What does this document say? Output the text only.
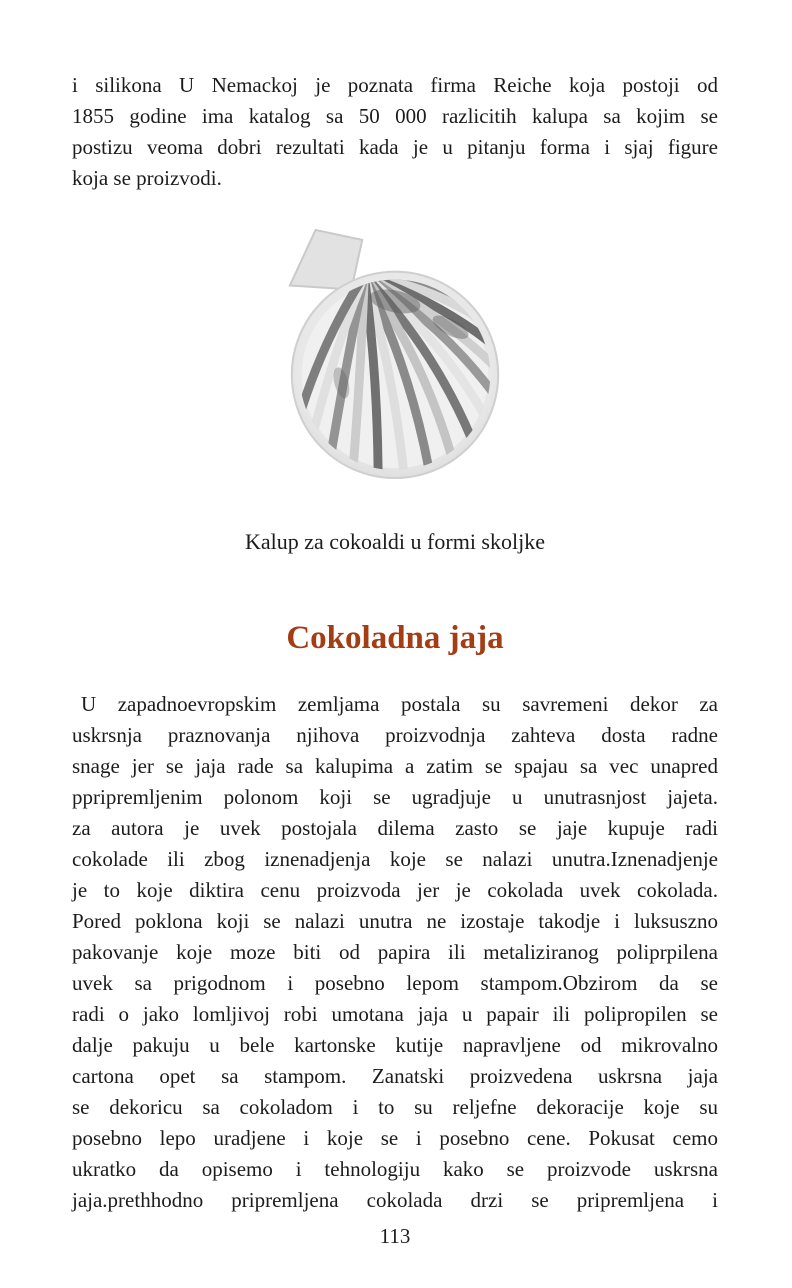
i silikona U Nemackoj je poznata firma Reiche koja postoji od
1855 godine ima katalog sa 50 000 razlicitih kalupa sa kojim se
postizu veoma dobri rezultati kada je u pitanju forma i sjaj figure
koja se proizvodi.
Kalup za cokoaldi u formi skoljke
Cokoladna jaja
U zapadnoevropskim zemljama postala su savremeni dekor za
uskrsnja praznovanja njihova proizvodnja zahteva dosta radne
snage jer se jaja rade sa kalupima a zatim se spajau sa vec unapred
ppripremljenim polonom koji se ugradjuje u unutrasnjost jajeta.
za autora je uvek postojala dilema zasto se jaje kupuje radi
cokolade ili zbog iznenadjenja koje se nalazi unutra.Iznenadjenje
je to koje diktira cenu proizvoda jer je cokolada uvek cokolada.
Pored poklona koji se nalazi unutra ne izostaje takodje i luksuszno
pakovanje koje moze biti od papira ili metaliziranog poliprpilena
uvek sa prigodnom i posebno lepom stampom.Obzirom da se
radi o jako lomljivoj robi umotana jaja u papair ili polipropilen se
dalje pakuju u bele kartonske kutije napravljene od mikrovalno
cartona opet sa stampom. Zanatski proizvedena uskrsna jaja
se dekoricu sa cokoladom i to su reljefne dekoracije koje su
posebno lepo uradjene i koje se i posebno cene. Pokusat cemo
ukratko da opisemo i tehnologiju kako se proizvode uskrsna
jaja.prethhodno pripremljena cokolada drzi se pripremljena i
113
